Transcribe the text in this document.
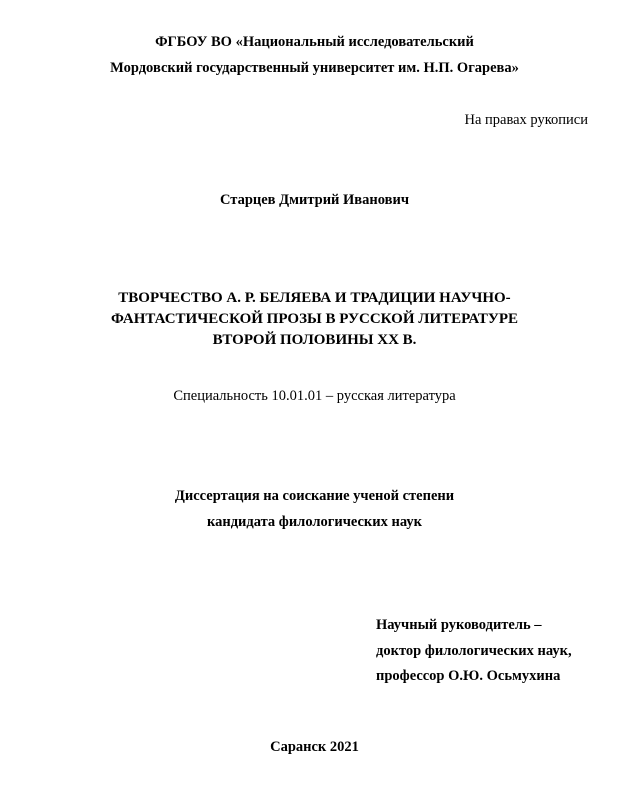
ФГБОУ ВО «Национальный исследовательский
Мордовский государственный университет им. Н.П. Огарева»
На правах рукописи
Старцев Дмитрий Иванович
ТВОРЧЕСТВО А. Р. БЕЛЯЕВА И ТРАДИЦИИ НАУЧНО-
ФАНТАСТИЧЕСКОЙ ПРОЗЫ В РУССКОЙ ЛИТЕРАТУРЕ
ВТОРОЙ ПОЛОВИНЫ ХХ В.
Специальность 10.01.01 – русская литература
Диссертация на соискание ученой степени
кандидата филологических наук
Научный руководитель –
доктор филологических наук,
профессор О.Ю. Осьмухина
Саранск 2021
